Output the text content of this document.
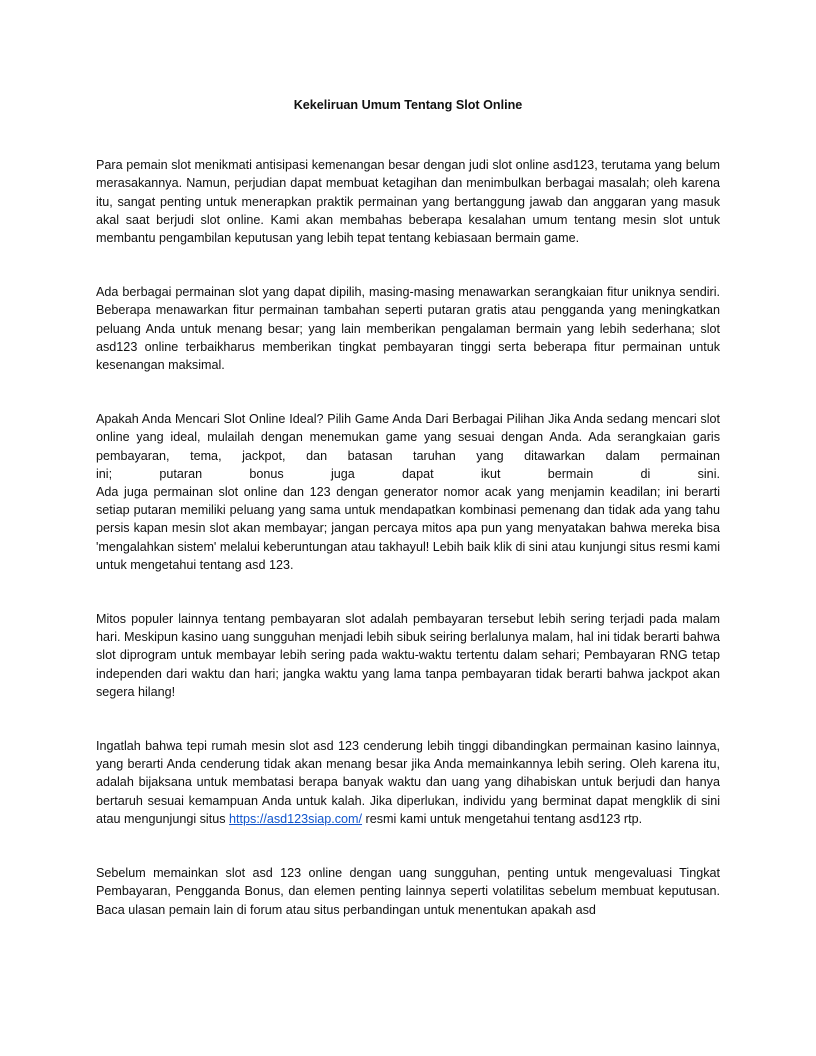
Kekeliruan Umum Tentang Slot Online

Para pemain slot menikmati antisipasi kemenangan besar dengan judi slot online asd123, terutama yang belum merasakannya. Namun, perjudian dapat membuat ketagihan dan menimbulkan berbagai masalah; oleh karena itu, sangat penting untuk menerapkan praktik permainan yang bertanggung jawab dan anggaran yang masuk akal saat berjudi slot online. Kami akan membahas beberapa kesalahan umum tentang mesin slot untuk membantu pengambilan keputusan yang lebih tepat tentang kebiasaan bermain game.

Ada berbagai permainan slot yang dapat dipilih, masing-masing menawarkan serangkaian fitur uniknya sendiri. Beberapa menawarkan fitur permainan tambahan seperti putaran gratis atau pengganda yang meningkatkan peluang Anda untuk menang besar; yang lain memberikan pengalaman bermain yang lebih sederhana; slot asd123 online terbaikharus memberikan tingkat pembayaran tinggi serta beberapa fitur permainan untuk kesenangan maksimal.

Apakah Anda Mencari Slot Online Ideal? Pilih Game Anda Dari Berbagai Pilihan Jika Anda sedang mencari slot online yang ideal, mulailah dengan menemukan game yang sesuai dengan Anda. Ada serangkaian garis pembayaran, tema, jackpot, dan batasan taruhan yang ditawarkan dalam permainan
ini; putaran bonus juga dapat ikut bermain di sini.
Ada juga permainan slot online dan 123 dengan generator nomor acak yang menjamin keadilan; ini berarti setiap putaran memiliki peluang yang sama untuk mendapatkan kombinasi pemenang dan tidak ada yang tahu persis kapan mesin slot akan membayar; jangan percaya mitos apa pun yang menyatakan bahwa mereka bisa 'mengalahkan sistem' melalui keberuntungan atau takhayul! Lebih baik klik di sini atau kunjungi situs resmi kami untuk mengetahui tentang asd 123.

Mitos populer lainnya tentang pembayaran slot adalah pembayaran tersebut lebih sering terjadi pada malam hari. Meskipun kasino uang sungguhan menjadi lebih sibuk seiring berlalunya malam, hal ini tidak berarti bahwa slot diprogram untuk membayar lebih sering pada waktu-waktu tertentu dalam sehari; Pembayaran RNG tetap independen dari waktu dan hari; jangka waktu yang lama tanpa pembayaran tidak berarti bahwa jackpot akan segera hilang!

Ingatlah bahwa tepi rumah mesin slot asd 123 cenderung lebih tinggi dibandingkan permainan kasino lainnya, yang berarti Anda cenderung tidak akan menang besar jika Anda memainkannya lebih sering. Oleh karena itu, adalah bijaksana untuk membatasi berapa banyak waktu dan uang yang dihabiskan untuk berjudi dan hanya bertaruh sesuai kemampuan Anda untuk kalah. Jika diperlukan, individu yang berminat dapat mengklik di sini atau mengunjungi situs https://asd123siap.com/ resmi kami untuk mengetahui tentang asd123 rtp.

Sebelum memainkan slot asd 123 online dengan uang sungguhan, penting untuk mengevaluasi Tingkat Pembayaran, Pengganda Bonus, dan elemen penting lainnya seperti volatilitas sebelum membuat keputusan. Baca ulasan pemain lain di forum atau situs perbandingan untuk menentukan apakah asd
